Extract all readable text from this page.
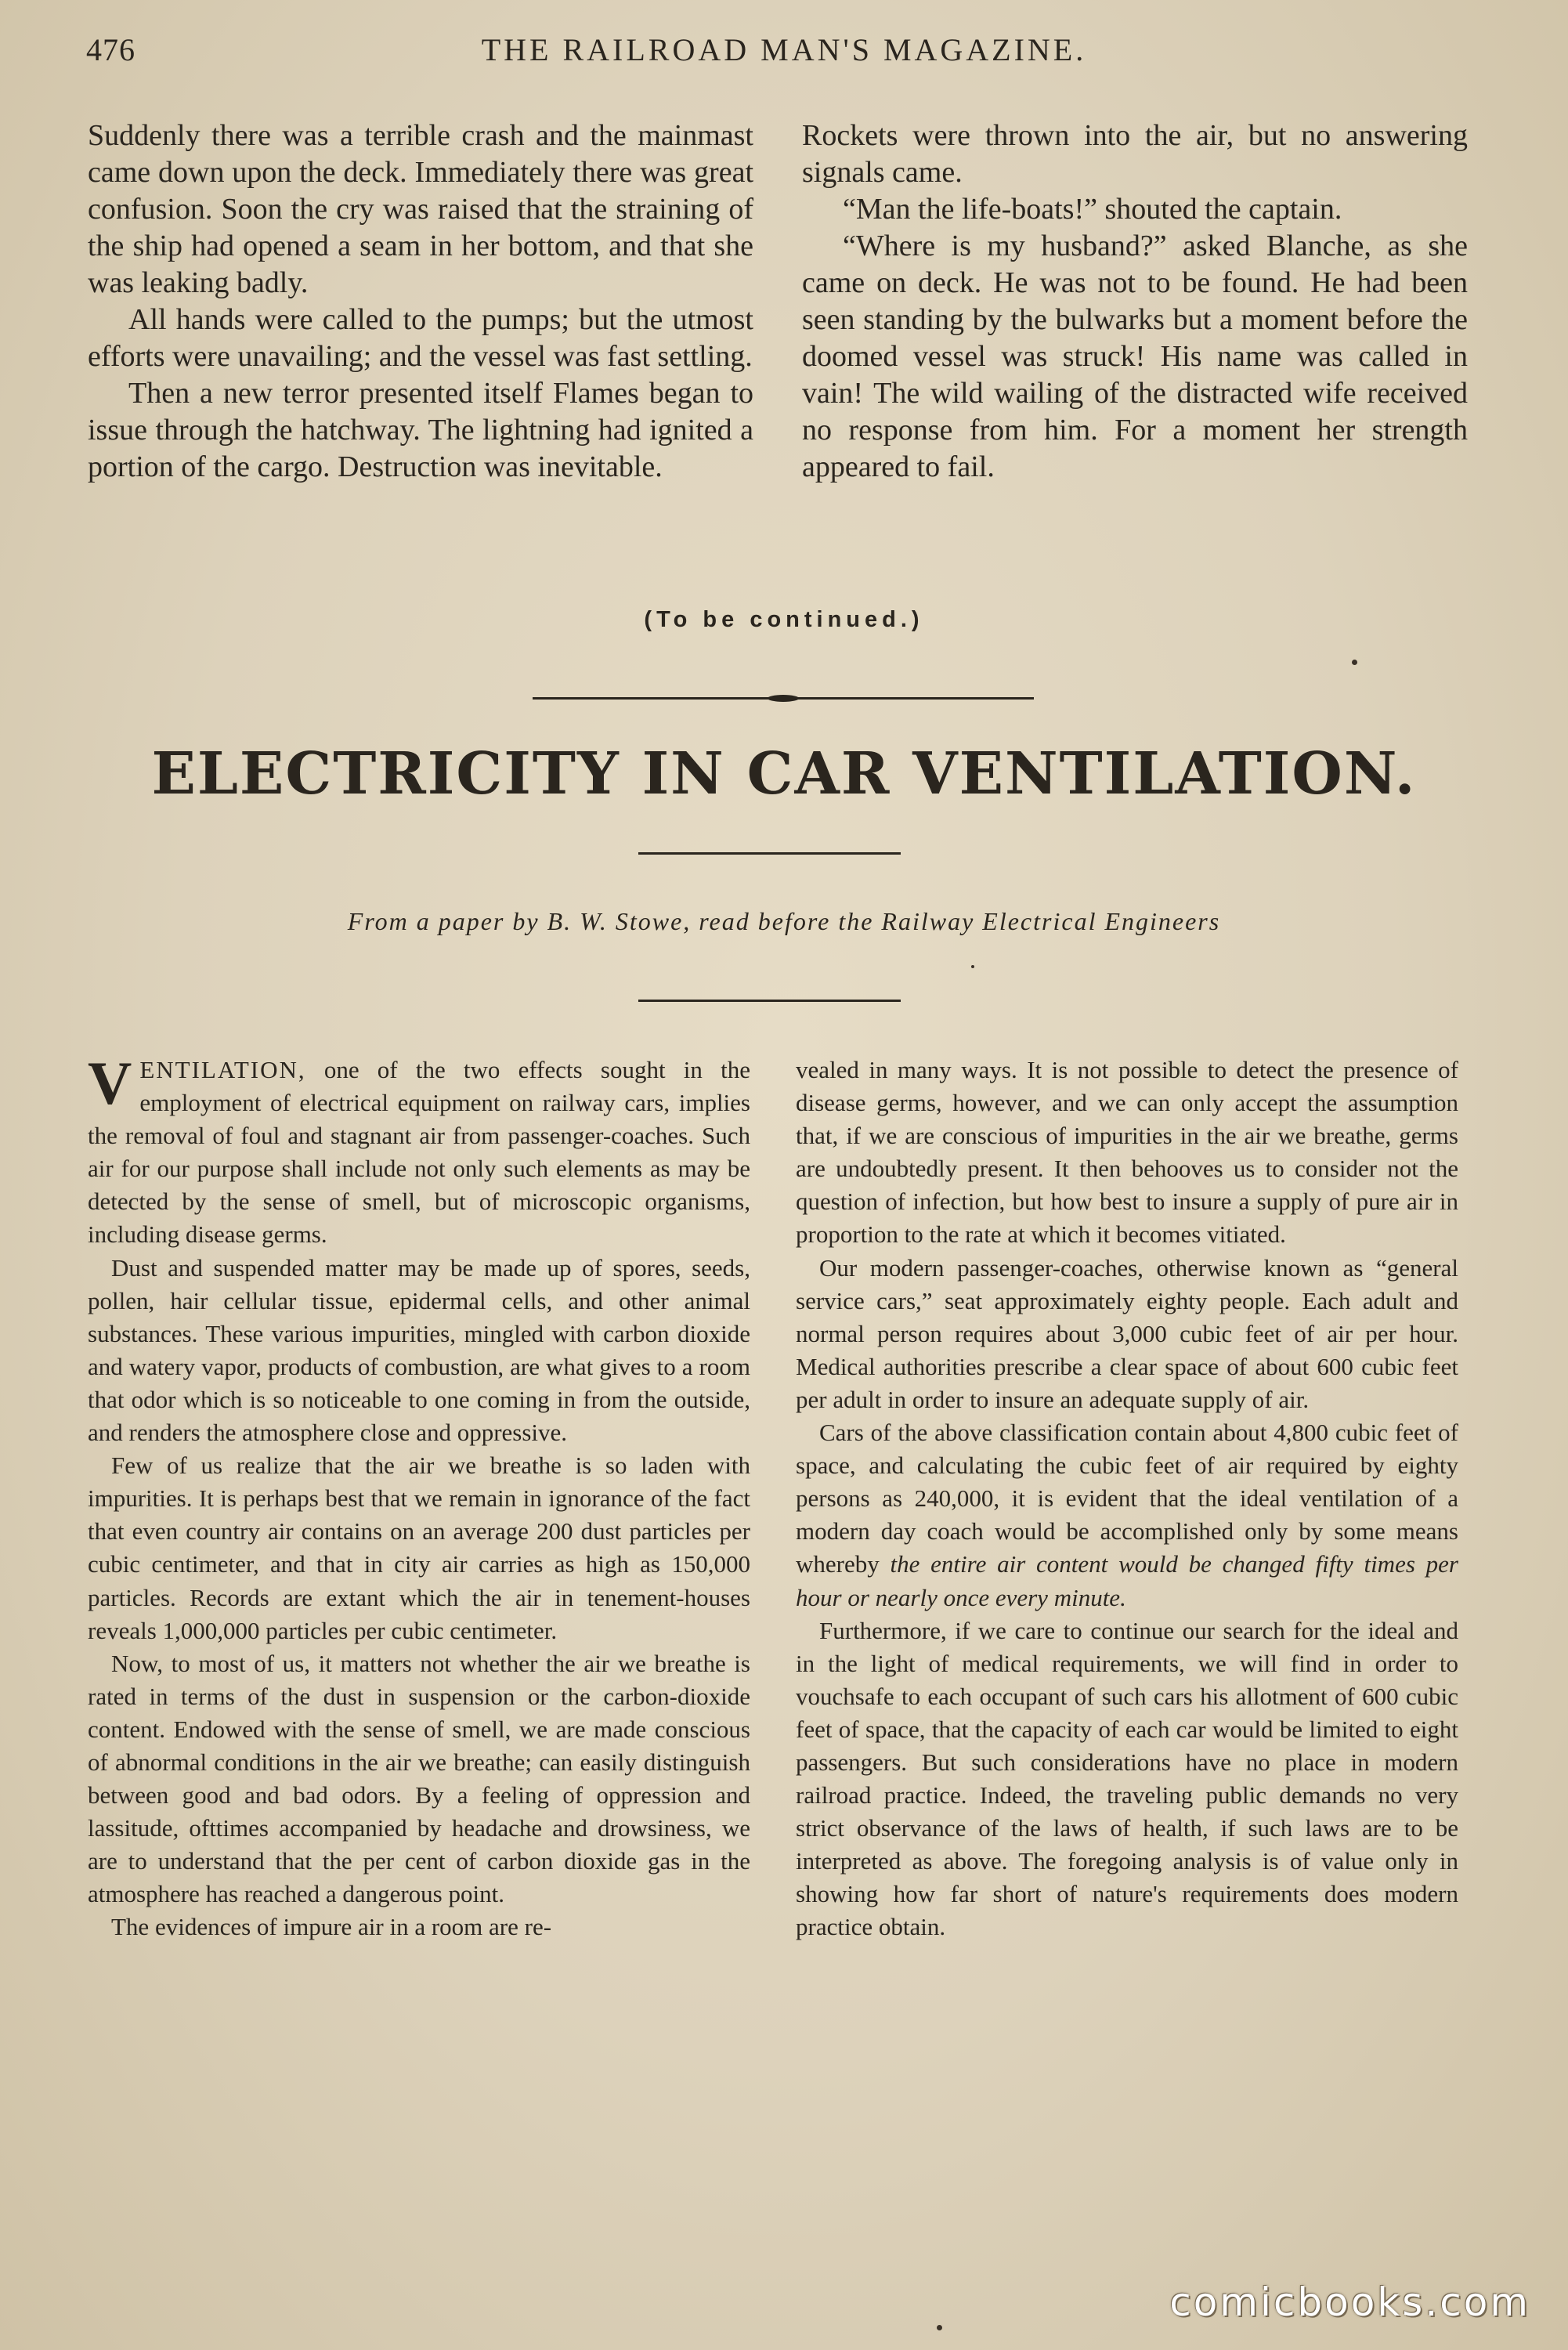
476	THE RAILROAD MAN'S MAGAZINE.

Suddenly there was a terrible crash and the mainmast came down upon the deck. Immediately there was great confusion. Soon the cry was raised that the straining of the ship had opened a seam in her bottom, and that she was leaking badly.

All hands were called to the pumps; but the utmost efforts were unavailing; and the vessel was fast settling.

Then a new terror presented itself Flames began to issue through the hatchway. The lightning had ignited a portion of the cargo. Destruction was inevitable.

Rockets were thrown into the air, but no answering signals came.

“Man the life-boats!” shouted the captain.

“Where is my husband?” asked Blanche, as she came on deck. He was not to be found. He had been seen standing by the bulwarks but a moment before the doomed vessel was struck! His name was called in vain! The wild wailing of the distracted wife received no response from him. For a moment her strength appeared to fail.

(To be continued.)
ELECTRICITY IN CAR VENTILATION.
From a paper by B. W. Stowe, read before the Railway Electrical Engineers

VENTILATION, one of the two effects sought in the employment of electrical equipment on railway cars, implies the removal of foul and stagnant air from passenger-coaches. Such air for our purpose shall include not only such elements as may be detected by the sense of smell, but of microscopic organisms, including disease germs.

Dust and suspended matter may be made up of spores, seeds, pollen, hair cellular tissue, epidermal cells, and other animal substances. These various impurities, mingled with carbon dioxide and watery vapor, products of combustion, are what gives to a room that odor which is so noticeable to one coming in from the outside, and renders the atmosphere close and oppressive.

Few of us realize that the air we breathe is so laden with impurities. It is perhaps best that we remain in ignorance of the fact that even country air contains on an average 200 dust particles per cubic centimeter, and that in city air carries as high as 150,000 particles. Records are extant which the air in tenement-houses reveals 1,000,000 particles per cubic centimeter.

Now, to most of us, it matters not whether the air we breathe is rated in terms of the dust in suspension or the carbon-dioxide content. Endowed with the sense of smell, we are made conscious of abnormal conditions in the air we breathe; can easily distinguish between good and bad odors. By a feeling of oppression and lassitude, ofttimes accompanied by headache and drowsiness, we are to understand that the per cent of carbon dioxide gas in the atmosphere has reached a dangerous point.

The evidences of impure air in a room are re-

vealed in many ways. It is not possible to detect the presence of disease germs, however, and we can only accept the assumption that, if we are conscious of impurities in the air we breathe, germs are undoubtedly present. It then behooves us to consider not the question of infection, but how best to insure a supply of pure air in proportion to the rate at which it becomes vitiated.

Our modern passenger-coaches, otherwise known as “general service cars,” seat approximately eighty people. Each adult and normal person requires about 3,000 cubic feet of air per hour. Medical authorities prescribe a clear space of about 600 cubic feet per adult in order to insure an adequate supply of air.

Cars of the above classification contain about 4,800 cubic feet of space, and calculating the cubic feet of air required by eighty persons as 240,000, it is evident that the ideal ventilation of a modern day coach would be accomplished only by some means whereby the entire air content would be changed fifty times per hour or nearly once every minute.

Furthermore, if we care to continue our search for the ideal and in the light of medical requirements, we will find in order to vouchsafe to each occupant of such cars his allotment of 600 cubic feet of space, that the capacity of each car would be limited to eight passengers. But such considerations have no place in modern railroad practice. Indeed, the traveling public demands no very strict observance of the laws of health, if such laws are to be interpreted as above. The foregoing analysis is of value only in showing how far short of nature's requirements does modern practice obtain.

comicbooks.com
